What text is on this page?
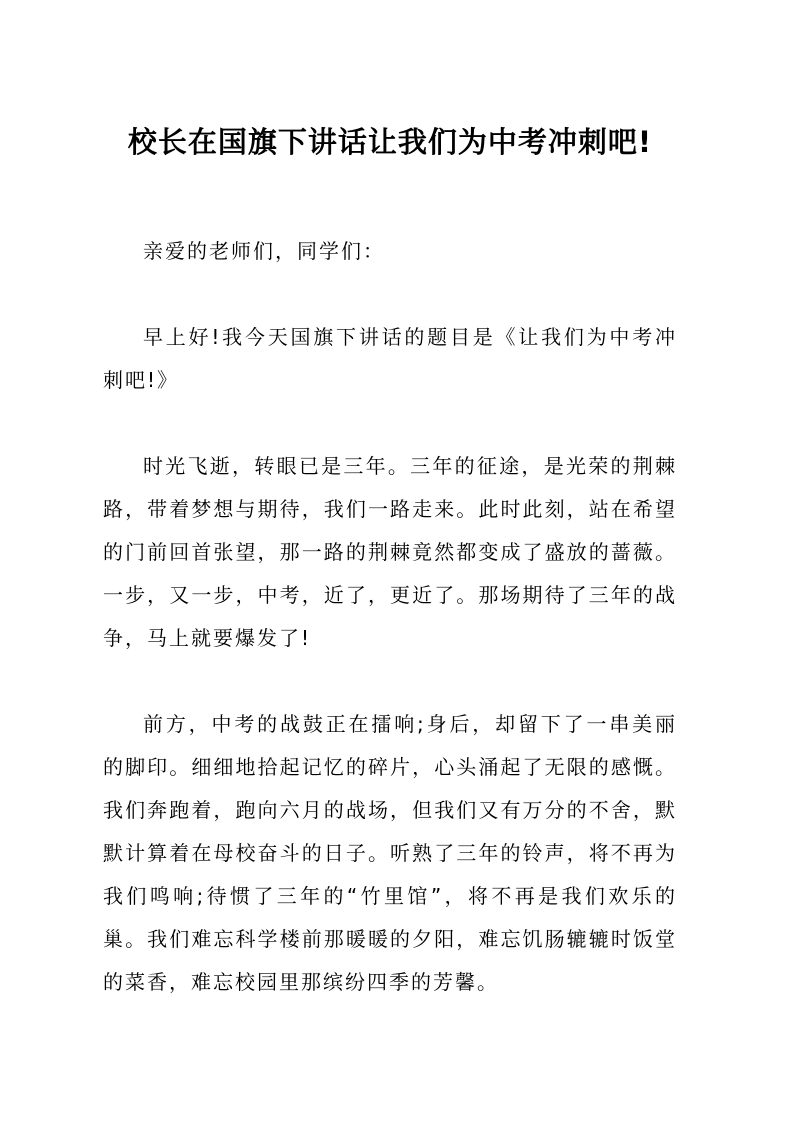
校长在国旗下讲话让我们为中考冲刺吧!

亲爱的老师们，同学们：

早上好!我今天国旗下讲话的题目是《让我们为中考冲刺吧!》

时光飞逝，转眼已是三年。三年的征途，是光荣的荆棘路，带着梦想与期待，我们一路走来。此时此刻，站在希望的门前回首张望，那一路的荆棘竟然都变成了盛放的蔷薇。一步，又一步，中考，近了，更近了。那场期待了三年的战争，马上就要爆发了!

前方，中考的战鼓正在擂响;身后，却留下了一串美丽的脚印。细细地拾起记忆的碎片，心头涌起了无限的感慨。我们奔跑着，跑向六月的战场，但我们又有万分的不舍，默默计算着在母校奋斗的日子。听熟了三年的铃声，将不再为我们鸣响;待惯了三年的“竹里馆”，将不再是我们欢乐的巢。我们难忘科学楼前那暖暖的夕阳，难忘饥肠辘辘时饭堂的菜香，难忘校园里那缤纷四季的芳馨。
